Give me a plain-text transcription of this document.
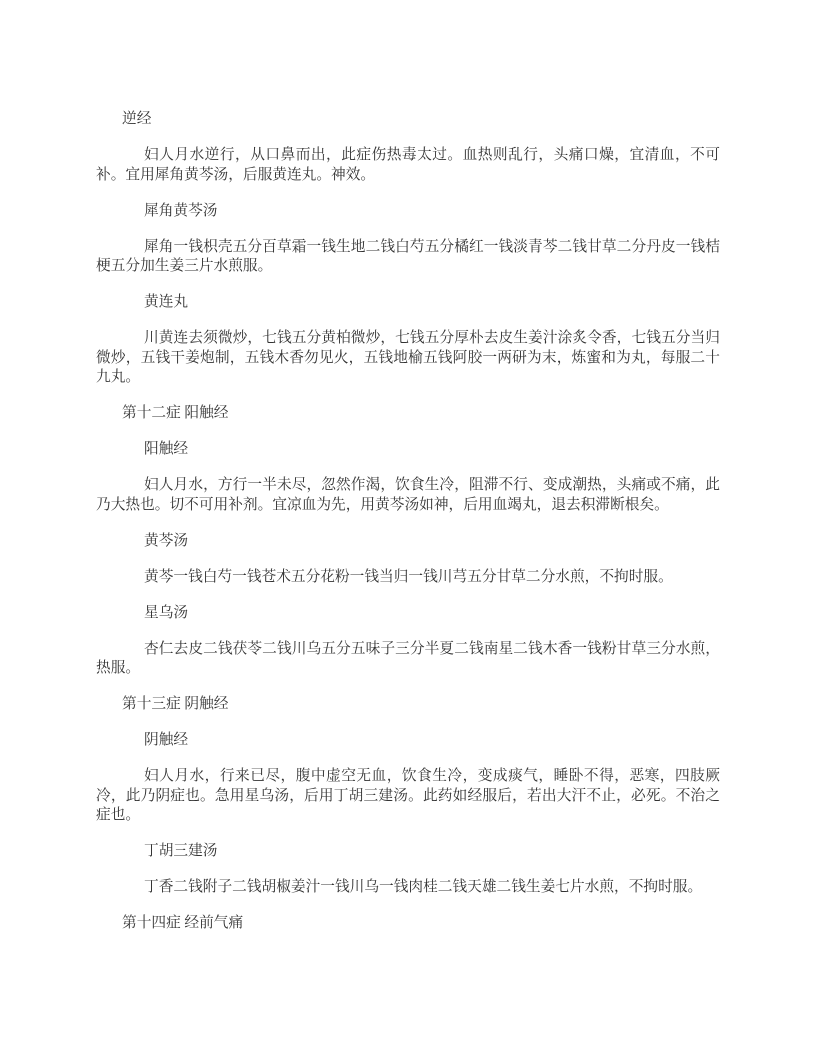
逆经
妇人月水逆行，从口鼻而出，此症伤热毒太过。血热则乱行，头痛口燥，宜清血，不可补。宜用犀角黄芩汤，后服黄连丸。神效。
犀角黄芩汤
犀角一钱枳壳五分百草霜一钱生地二钱白芍五分橘红一钱淡青芩二钱甘草二分丹皮一钱桔梗五分加生姜三片水煎服。
黄连丸
川黄连去须微炒，七钱五分黄柏微炒，七钱五分厚朴去皮生姜汁涂炙令香，七钱五分当归微炒，五钱干姜炮制，五钱木香勿见火，五钱地榆五钱阿胶一两研为末，炼蜜和为丸，每服二十九丸。
第十二症 阳触经
阳触经
妇人月水，方行一半未尽，忽然作渴，饮食生冷，阻滞不行、变成潮热，头痛或不痛，此乃大热也。切不可用补剂。宜凉血为先，用黄芩汤如神，后用血竭丸，退去积滞断根矣。
黄芩汤
黄芩一钱白芍一钱苍术五分花粉一钱当归一钱川芎五分甘草二分水煎，不拘时服。
星乌汤
杏仁去皮二钱茯苓二钱川乌五分五味子三分半夏二钱南星二钱木香一钱粉甘草三分水煎，热服。
第十三症 阴触经
阴触经
妇人月水，行来已尽，腹中虚空无血，饮食生冷，变成痰气，睡卧不得，恶寒，四肢厥冷，此乃阴症也。急用星乌汤，后用丁胡三建汤。此药如经服后，若出大汗不止，必死。不治之症也。
丁胡三建汤
丁香二钱附子二钱胡椒姜汁一钱川乌一钱肉桂二钱天雄二钱生姜七片水煎，不拘时服。
第十四症 经前气痛
